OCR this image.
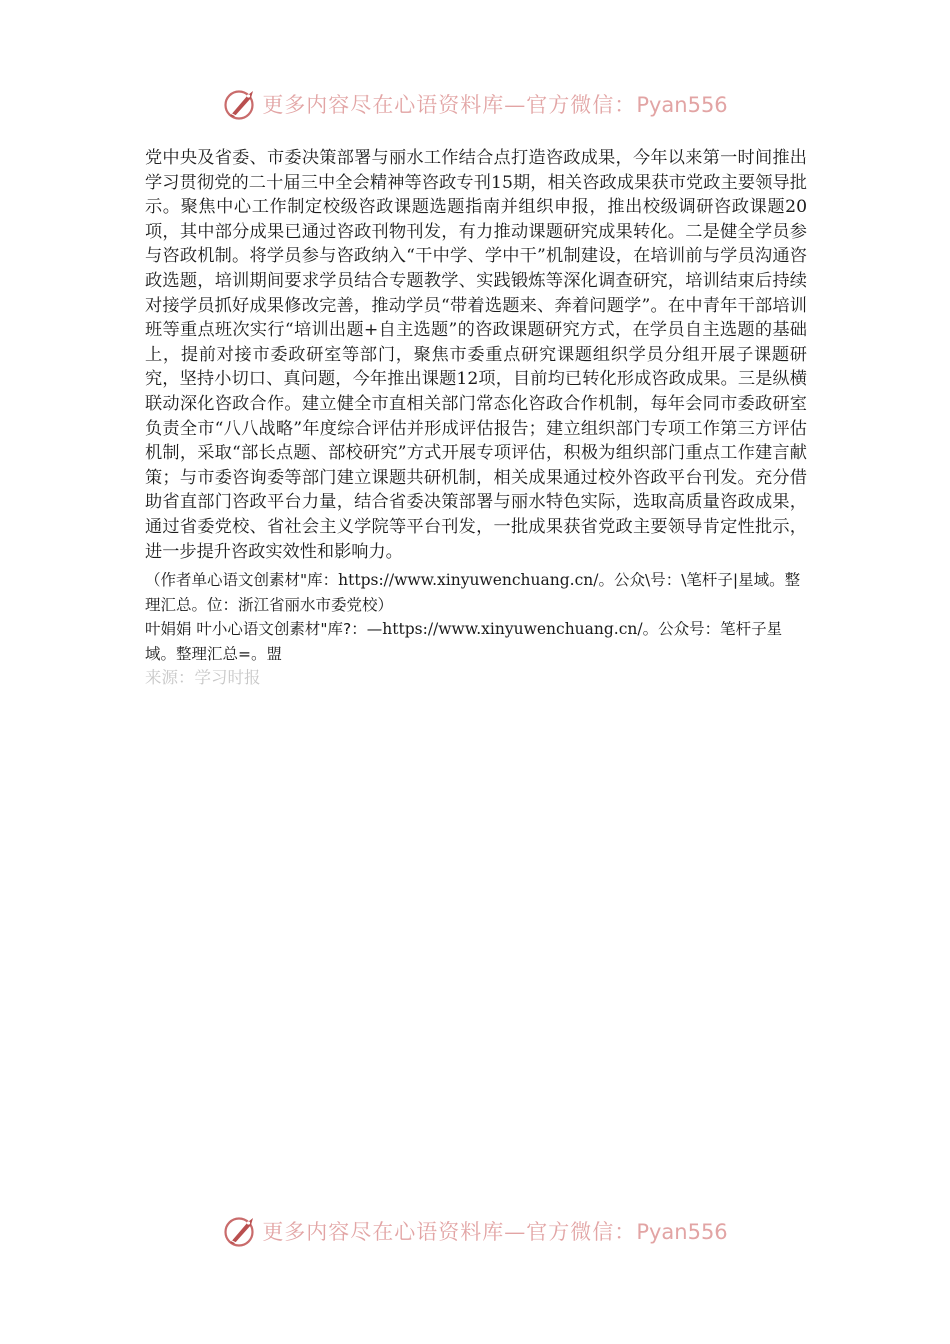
更多内容尽在心语资料库—官方微信：Pyan556

党中央及省委、市委决策部署与丽水工作结合点打造咨政成果，今年以来第一时间推出学习贯彻党的二十届三中全会精神等咨政专刊15期，相关咨政成果获市党政主要领导批示。聚焦中心工作制定校级咨政课题选题指南并组织申报，推出校级调研咨政课题20项，其中部分成果已通过咨政刊物刊发，有力推动课题研究成果转化。二是健全学员参与咨政机制。将学员参与咨政纳入“干中学、学中干”机制建设，在培训前与学员沟通咨政选题，培训期间要求学员结合专题教学、实践锻炼等深化调查研究，培训结束后持续对接学员抓好成果修改完善，推动学员“带着选题来、奔着问题学”。在中青年干部培训班等重点班次实行“培训出题+自主选题”的咨政课题研究方式，在学员自主选题的基础上，提前对接市委政研室等部门，聚焦市委重点研究课题组织学员分组开展子课题研究，坚持小切口、真问题，今年推出课题12项，目前均已转化形成咨政成果。三是纵横联动深化咨政合作。建立健全市直相关部门常态化咨政合作机制，每年会同市委政研室负责全市“八八战略”年度综合评估并形成评估报告；建立组织部门专项工作第三方评估机制，采取“部长点题、部校研究”方式开展专项评估，积极为组织部门重点工作建言献策；与市委咨询委等部门建立课题共研机制，相关成果通过校外咨政平台刊发。充分借助省直部门咨政平台力量，结合省委决策部署与丽水特色实际，选取高质量咨政成果，通过省委党校、省社会主义学院等平台刊发，一批成果获省党政主要领导肯定性批示，进一步提升咨政实效性和影响力。

（作者单心语文创素材"库：https://www.xinyuwenchuang.cn/。公众\号：\笔杆子|星域。整理汇总。位：浙江省丽水市委党校）

叶娟娟 叶小心语文创素材"库?：—https://www.xinyuwenchuang.cn/。公众号：笔杆子星域。整理汇总=。盟

来源：学习时报

更多内容尽在心语资料库—官方微信：Pyan556
